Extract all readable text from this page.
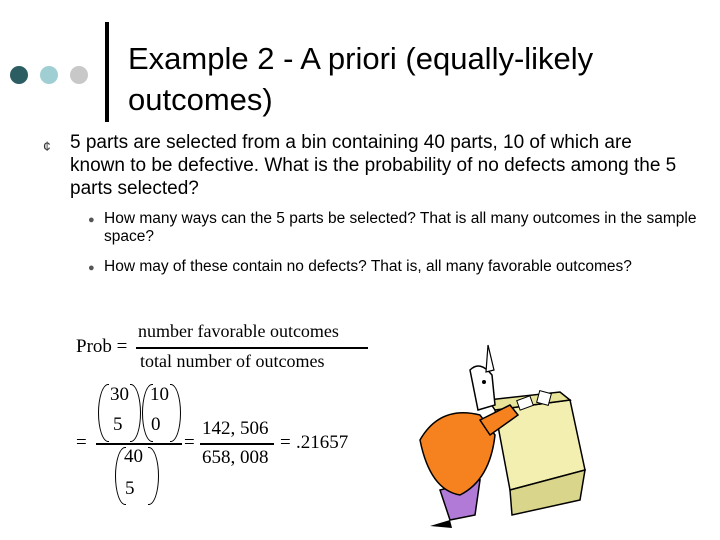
Example 2 - A priori (equally-likely outcomes)
¢ 5 parts are selected from a bin containing 40 parts, 10 of which are known to be defective. What is the probability of no defects among the 5 parts selected?
● How many ways can the 5 parts be selected? That is all many outcomes in the sample space?
● How may of these contain no defects? That is, all many favorable outcomes?
Prob =
number favorable outcomes
total number of outcomes
=
30
5
10
0
40
5
=
142, 506
658, 008
= .21657
